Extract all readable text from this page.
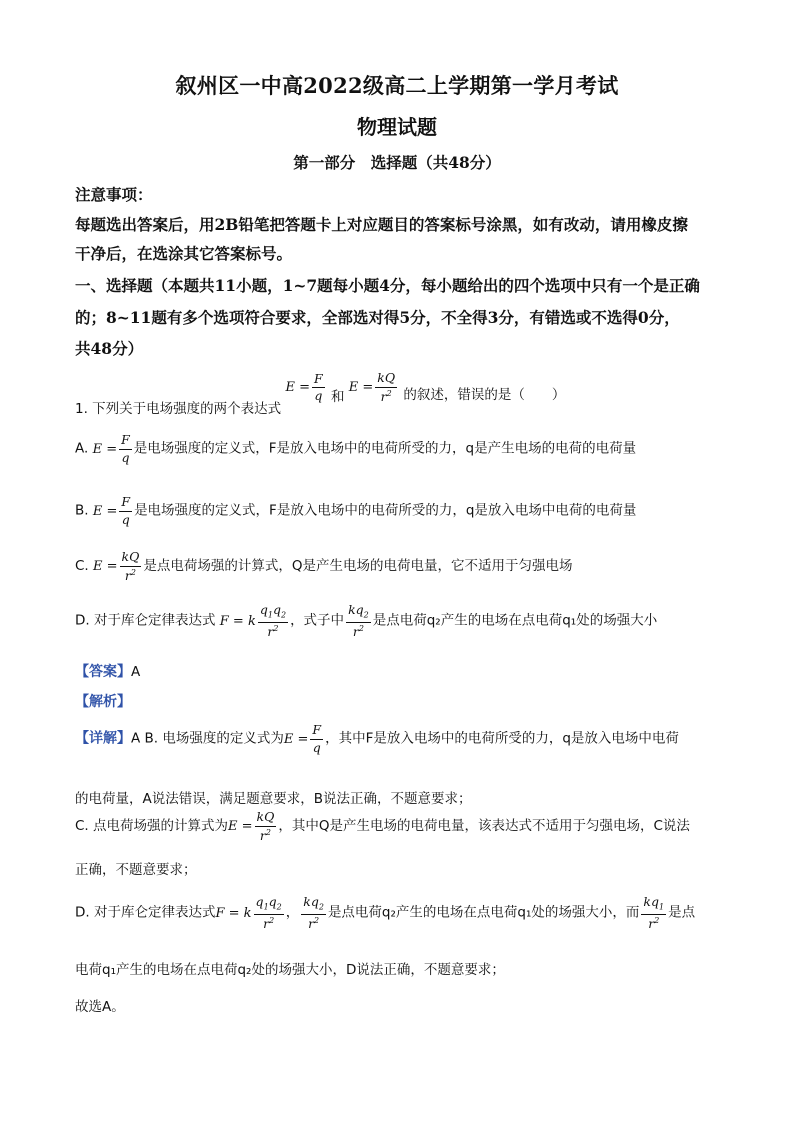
叙州区一中高2022级高二上学期第一学月考试
物理试题
第一部分　选择题（共48分）
注意事项：
每题选出答案后，用2B铅笔把答题卡上对应题目的答案标号涂黑，如有改动，请用橡皮擦
干净后，在选涂其它答案标号。
一、选择题（本题共11小题，1~7题每小题4分，每小题给出的四个选项中只有一个是正确
的；8~11题有多个选项符合要求，全部选对得5分，不全得3分，有错选或不选得0分，
共48分）
1. 下列关于电场强度的两个表达式 $E = \frac{F}{q}$ 和 $E = \frac{kQ}{r^2}$ 的叙述，错误的是（　　）
A. $E = \frac{F}{q}$ 是电场强度的定义式，F是放入电场中的电荷所受的力，q是产生电场的电荷的电荷量
B. $E = \frac{F}{q}$ 是电场强度的定义式，F是放入电场中的电荷所受的力，q是放入电场中电荷的电荷量
C. $E = \frac{kQ}{r^2}$ 是点电荷场强的计算式，Q是产生电场的电荷电量，它不适用于匀强电场
D. 对于库仑定律表达式 F = k $\frac{q_1q_2}{r^2}$ ，式子中 $\frac{kq_2}{r^2}$ 是点电荷q₂产生的电场在点电荷q₁处的场强大小
【答案】A
【解析】
【详解】A B. 电场强度的定义式为$E = \frac{F}{q}$ ，其中F是放入电场中的电荷所受的力，q是放入电场中电荷
的电荷量，A说法错误，满足题意要求，B说法正确，不题意要求；
C. 点电荷场强的计算式为$E = \frac{kQ}{r^2}$ ，其中Q是产生电场的电荷电量，该表达式不适用于匀强电场，C说法
正确，不题意要求；
D. 对于库仑定律表达式F = k $\frac{q_1q_2}{r^2}$ ， $\frac{kq_2}{r^2}$ 是点电荷q₂产生的电场在点电荷q₁处的场强大小，而 $\frac{kq_1}{r^2}$ 是点
电荷q₁产生的电场在点电荷q₂处的场强大小，D说法正确，不题意要求；
故选A。
